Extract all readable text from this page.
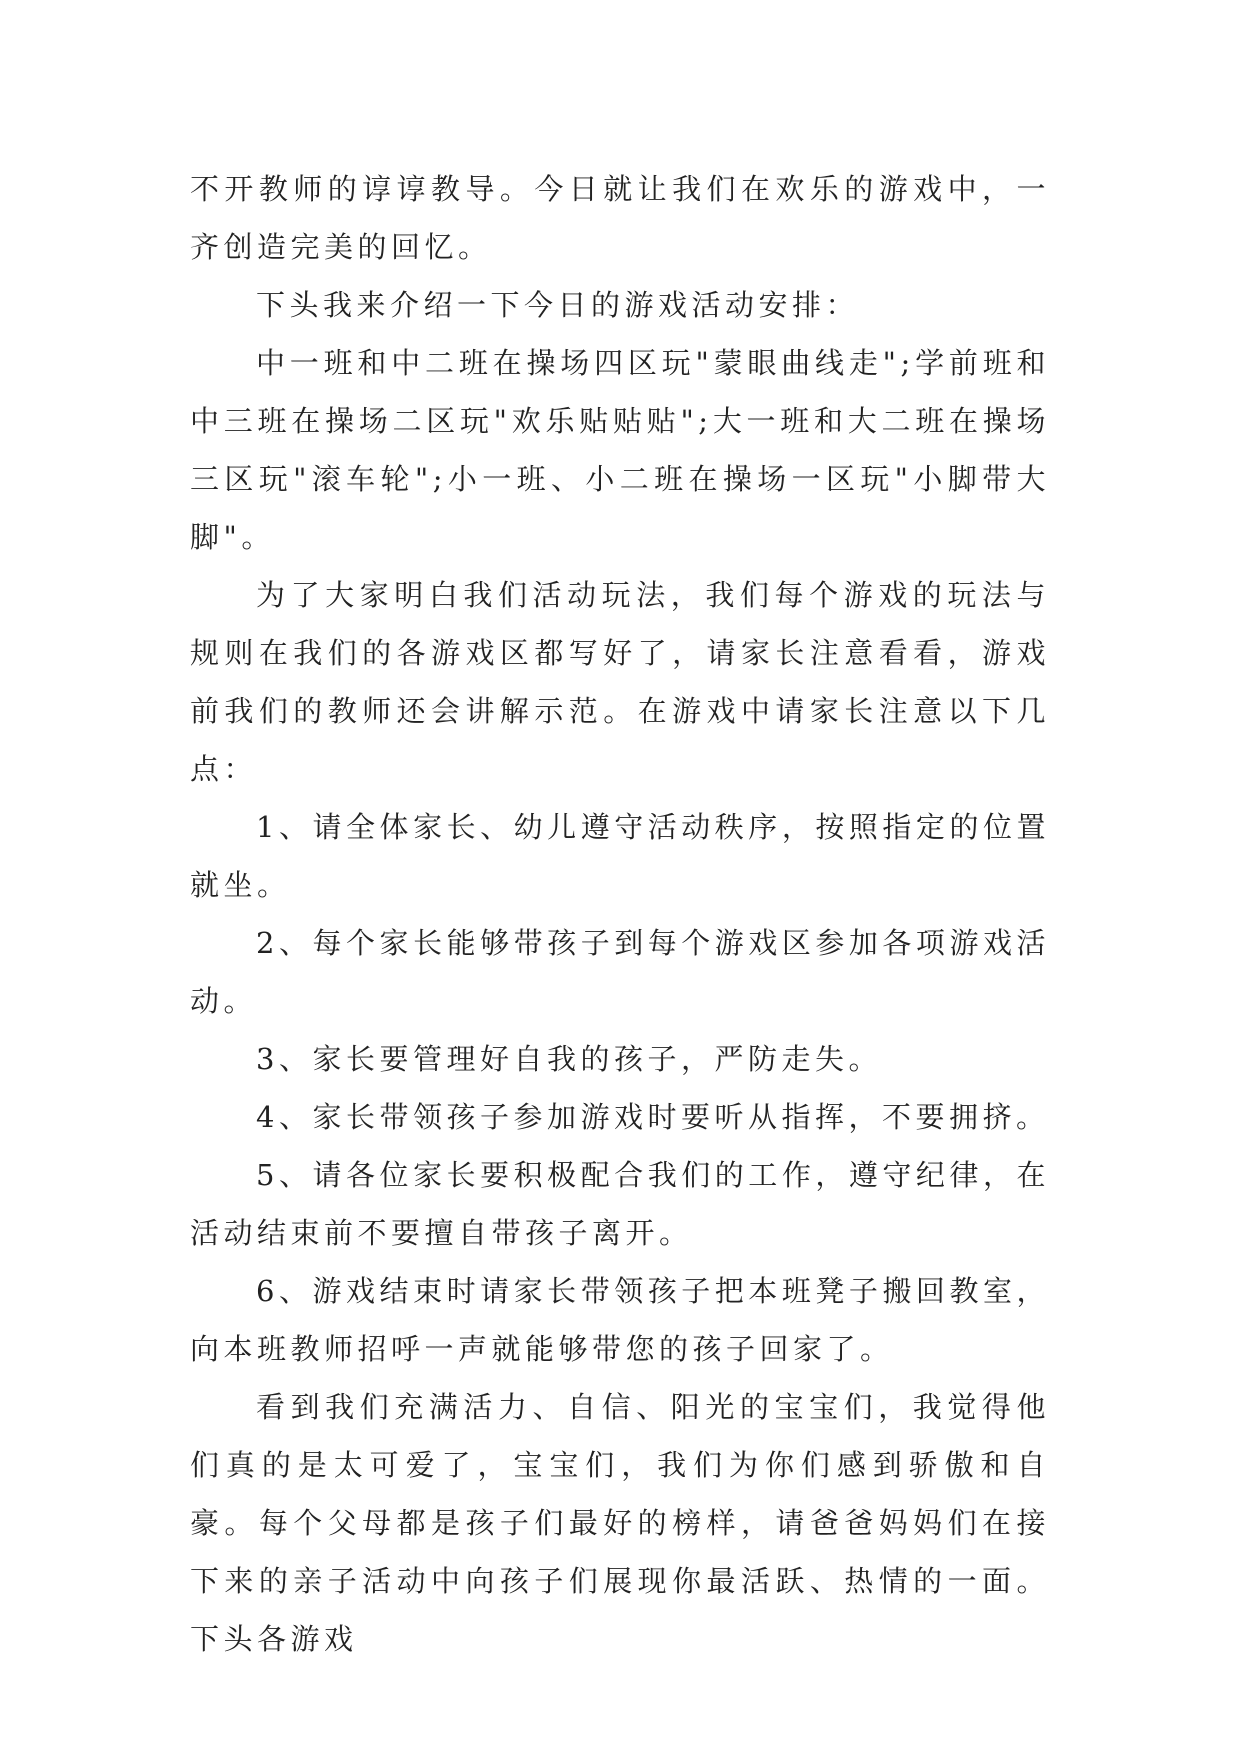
不开教师的谆谆教导。今日就让我们在欢乐的游戏中，一齐创造完美的回忆。

下头我来介绍一下今日的游戏活动安排：

中一班和中二班在操场四区玩"蒙眼曲线走";学前班和中三班在操场二区玩"欢乐贴贴贴";大一班和大二班在操场三区玩"滚车轮";小一班、小二班在操场一区玩"小脚带大脚"。

为了大家明白我们活动玩法，我们每个游戏的玩法与规则在我们的各游戏区都写好了，请家长注意看看，游戏前我们的教师还会讲解示范。在游戏中请家长注意以下几点：

1、请全体家长、幼儿遵守活动秩序，按照指定的位置就坐。

2、每个家长能够带孩子到每个游戏区参加各项游戏活动。

3、家长要管理好自我的孩子，严防走失。

4、家长带领孩子参加游戏时要听从指挥，不要拥挤。

5、请各位家长要积极配合我们的工作，遵守纪律，在活动结束前不要擅自带孩子离开。

6、游戏结束时请家长带领孩子把本班凳子搬回教室，向本班教师招呼一声就能够带您的孩子回家了。

看到我们充满活力、自信、阳光的宝宝们，我觉得他们真的是太可爱了，宝宝们，我们为你们感到骄傲和自豪。每个父母都是孩子们最好的榜样，请爸爸妈妈们在接下来的亲子活动中向孩子们展现你最活跃、热情的一面。下头各游戏
